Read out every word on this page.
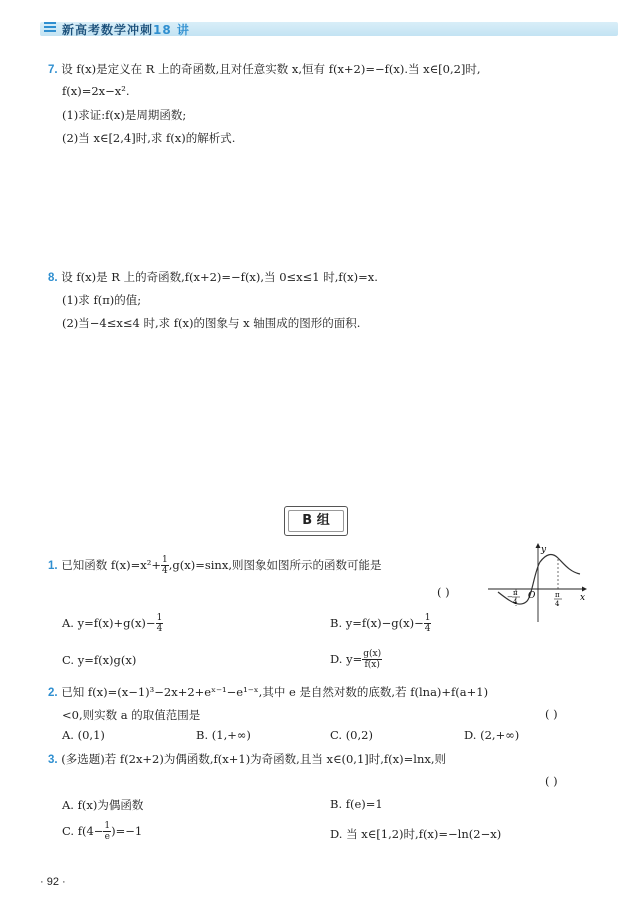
新高考数学冲刺18 讲
7. 设 f(x)是定义在 R 上的奇函数,且对任意实数 x,恒有 f(x+2)=−f(x).当 x∈[0,2]时,
f(x)=2x−x².
(1)求证:f(x)是周期函数;
(2)当 x∈[2,4]时,求 f(x)的解析式.
8. 设 f(x)是 R 上的奇函数,f(x+2)=−f(x),当 0≤x≤1 时,f(x)=x.
(1)求 f(π)的值;
(2)当−4≤x≤4 时,求 f(x)的图象与 x 轴围成的图形的面积.
B 组
1. 已知函数 $f(x)=x^2+ \frac{1}{4} ,g(x)=\sin x$,则图象如图所示的函数可能是
( )
y
x
O
− π
4
π
4
A. $y=f(x)+g(x)- \frac{1}{4}$	B. $y=f(x)-g(x)- \frac{1}{4}$
C. y=f(x)g(x)	D. $y= \frac{g(x)}{f(x)}$
2. 已知 f(x)=(x−1)³−2x+2+eˣ⁻¹−e¹⁻ˣ,其中 e 是自然对数的底数,若 f(lna)+f(a+1)
<0,则实数 a 的取值范围是	( )
A. (0,1)	B. (1,+∞)	C. (0,2)	D. (2,+∞)
3. (多选题)若 f(2x+2)为偶函数,f(x+1)为奇函数,且当 x∈(0,1]时,f(x)=lnx,则
( )
A. f(x)为偶函数	B. f(e)=1
C. $f(4- \frac{1}{e} )=-1$	D. 当 x∈[1,2)时,f(x)=−ln(2−x)
· 92 ·
